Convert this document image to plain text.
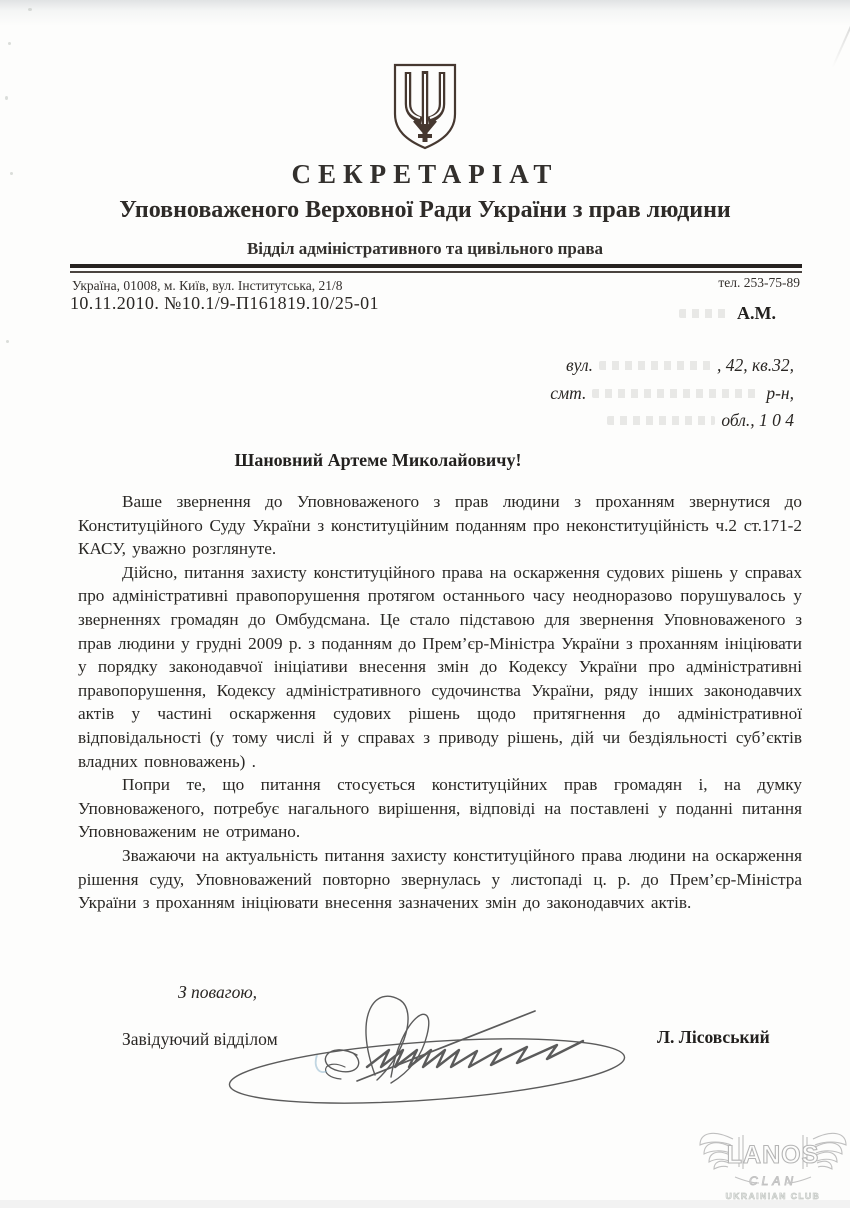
СЕКРЕТАРІАТ
Уповноваженого Верховної Ради України з прав людини
Відділ адміністративного та цивільного права
Україна, 01008, м. Київ, вул. Інститутська, 21/8	тел. 253-75-89
10.11.2010. №10.1/9-П161819.10/25-01	А.М.
вул.	, 42, кв.32,
смт.	р-н,
обл., 1 0 4
Шановний Артеме Миколайовичу!

Ваше звернення до Уповноваженого з прав людини з проханням звернутися до Конституційного Суду України з конституційним поданням про неконституційність ч.2 ст.171-2 КАСУ, уважно розглянуте.

Дійсно, питання захисту конституційного права на оскарження судових рішень у справах про адміністративні правопорушення протягом останнього часу неодноразово порушувалось у зверненнях громадян до Омбудсмана. Це стало підставою для звернення Уповноваженого з прав людини у грудні 2009 р. з поданням до Прем’єр-Міністра України з проханням ініціювати у порядку законодавчої ініціативи внесення змін до Кодексу України про адміністративні правопорушення, Кодексу адміністративного судочинства України, ряду інших законодавчих актів у частині оскарження судових рішень щодо притягнення до адміністративної відповідальності (у тому числі й у справах з приводу рішень, дій чи бездіяльності суб’єктів владних повноважень) .

Попри те, що питання стосується конституційних прав громадян і, на думку Уповноваженого, потребує нагального вирішення, відповіді на поставлені у поданні питання Уповноваженим не отримано.

Зважаючи на актуальність питання захисту конституційного права людини на оскарження рішення суду, Уповноважений повторно звернулась у листопаді ц. р. до Прем’єр-Міністра України з проханням ініціювати внесення зазначених змін до законодавчих актів.

З повагою,
Завідуючий відділом	Л. Лісовський
LANOS
CLAN
UKRAINIAN CLUB
